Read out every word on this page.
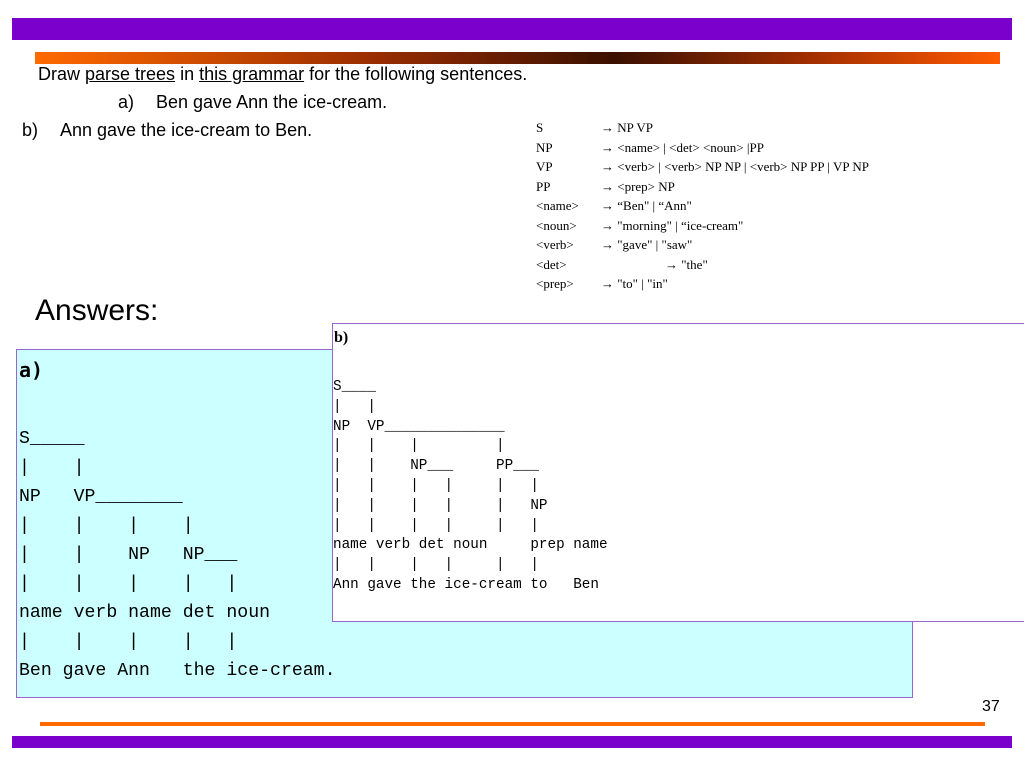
Draw parse trees in this grammar for the following sentences.
a) Ben gave Ann the ice-cream.
b) Ann gave the ice-cream to Ben.	S	→ NP VP
NP	→ <name> | <det> <noun> |PP
VP	→ <verb> | <verb> NP NP | <verb> NP PP | VP NP
PP	→ <prep> NP
<name> → “Ben" | “Ann"
<noun> → "morning" | “ice-cream"
<verb> → "gave" | "saw"
<det>	→ "the"
<prep> → "to" | "in"
Answers:
a)
S_____
|    |
NP   VP________
|    |    |    |
|    |    NP   NP___
|    |    |    |   |
name verb name det noun
|    |    |    |   |
Ben gave Ann   the ice-cream.
b)
S____
|   |
NP  VP______________
|   |    |         |
|   |    NP___     PP___
|   |    |   |     |   |
|   |    |   |     |   NP
|   |    |   |     |   |
name verb det noun     prep name
|   |    |   |     |   |
Ann gave the ice-cream to   Ben
37
